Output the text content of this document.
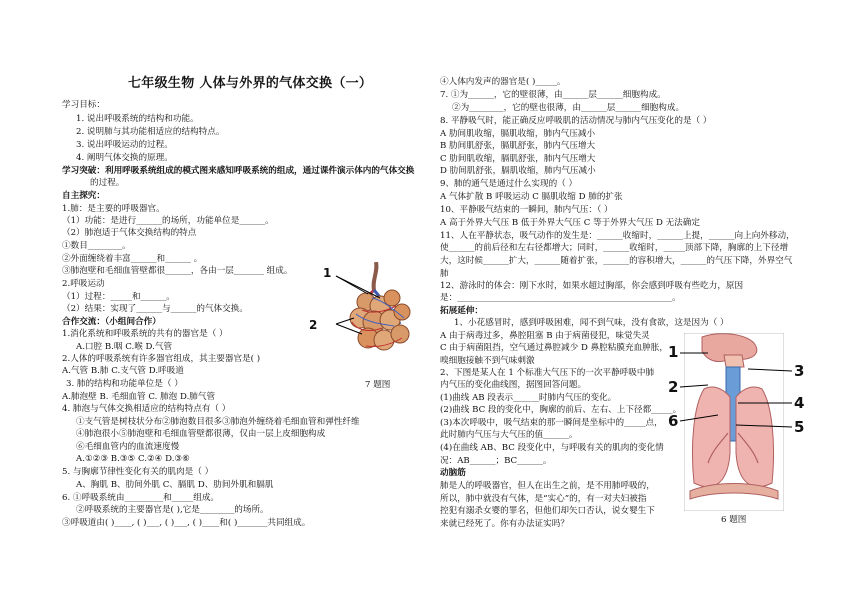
七年级生物 人体与外界的气体交换（一）
学习目标：
1. 说出呼吸系统的结构和功能。
2. 说明肺与其功能相适应的结构特点。
3. 说出呼吸运动的过程。
4. 阐明气体交换的原理。
学习突破：利用呼吸系统组成的模式图来感知呼吸系统的组成，通过课件演示体内的气体交换
的过程。
自主探究：
1.肺：是主要的呼吸器官。
（1）功能：是进行______的场所，功能单位是______。
（2）肺泡适于气体交换结构的特点
①数目________。
②外面缠绕着丰富______和______ 。
③肺泡壁和毛细血管壁都很______，各由一层_______ 组成。
2.呼吸运动
（1）过程：_____和______。
（2）结果：实现了______与______的气体交换。
合作交流：（小组间合作）
1.消化系统和呼吸系统的共有的器官是（ ）
A.口腔 B.咽 C.喉 D.气管
2.人体的呼吸系统有许多器官组成，其主要器官是( )
A.气管 B.肺 C.支气管 D.呼吸道
3. 肺的结构和功能单位是（ ）
A.肺泡壁 B. 毛细血管 C. 肺泡 D.肺气管
4. 肺泡与气体交换相适应的结构特点有（ ）
①支气管是树枝状分布②肺泡数目很多③肺泡外缠绕着毛细血管和弹性纤维
④肺泡很小⑤肺泡壁和毛细血管壁都很薄，仅由一层上皮细胞构成
⑥毛细血管内的血流速度慢
A.①②③ B.③⑤ C.②④ D.③⑥
5. 与胸廓节律性变化有关的肌肉是（ ）
A、胸肌 B、肋间外肌 C、膈肌 D、肋间外肌和膈肌
6. ①呼吸系统由_________和_____组成。
②呼吸系统的主要器官是( ),它是________的场所。
③呼吸道由( )____, ( )___, ( )___, ( )____和( )_______共同组成。
④人体内发声的器官是( )_____。
7. ①为______，它的壁很薄，由______层______细胞构成。
②为________，它的壁也很薄，由______层______细胞构成。
8. 平静吸气时，能正确反应呼吸肌的活动情况与肺内气压变化的是（ ）
A 肋间肌收缩，膈肌收缩，肺内气压减小
B 肋间肌舒张，膈肌舒张，肺内气压增大
C 肋间肌收缩，膈肌舒张，肺内气压增大
D 肋间肌舒张，膈肌收缩，肺内气压减小
9、肺的通气是通过什么实现的（ ）
A 气体扩散 B 呼吸运动 C 膈肌收缩 D 肺的扩张
10、平静吸气结束的一瞬间，肺内气压：（ ）
A 高于外界大气压 B 低于外界大气压 C 等于外界大气压 D 无法确定
11、人在平静状态，吸气动作的发生是：______收缩时，______上提，______向上向外移动，
使______的前后径和左右径都增大；同时，______收缩时，_____顶部下降，胸廓的上下径增
大，这时候______扩大，______随着扩张，______的容积增大，______的气压下降，外界空气
肺
12、游泳时的体会：刚下水时，如果水超过胸部，你会感到呼吸有些吃力，原因
是：__________________________________________________。
拓展延伸：
1、小花感冒时，感到呼吸困难，闻不到气味，没有食欲，这是因为（ ）
A 由于病毒过多，鼻腔阻塞 B 由于病菌侵犯，味觉失灵
C 由于病菌阻挡，空气通过鼻腔减少 D 鼻腔粘膜充血肿胀，
嗅细胞接触不到气味刺激
2、下图是某人在 1 个标准大气压下的一次平静呼吸中肺
内气压的变化曲线图，据图回答问题。
(1)曲线 AB 段表示______时肺内气压的变化。
(2)曲线 BC 段的变化中，胸廓的前后、左右、上下径都_____。
(3)本次呼吸中，吸气结束的那一瞬间是坐标中的_____点，
此时肺内气压与大气压的值______。
(4)在曲线 AB、BC 段变化中，与呼吸有关的肌肉的变化情
况：AB______；BC______。
动脑筋
肺是人的呼吸器官，但人在出生之前，是不用肺呼吸的，
所以，肺中就没有气体，是“实心”的，有一对夫妇被指
控犯有溺杀女婴的罪名，但他们却矢口否认，说女婴生下
来就已经死了。你有办法证实吗？
1
2
7 题图
1
2
3
4
5
6
6 题图
